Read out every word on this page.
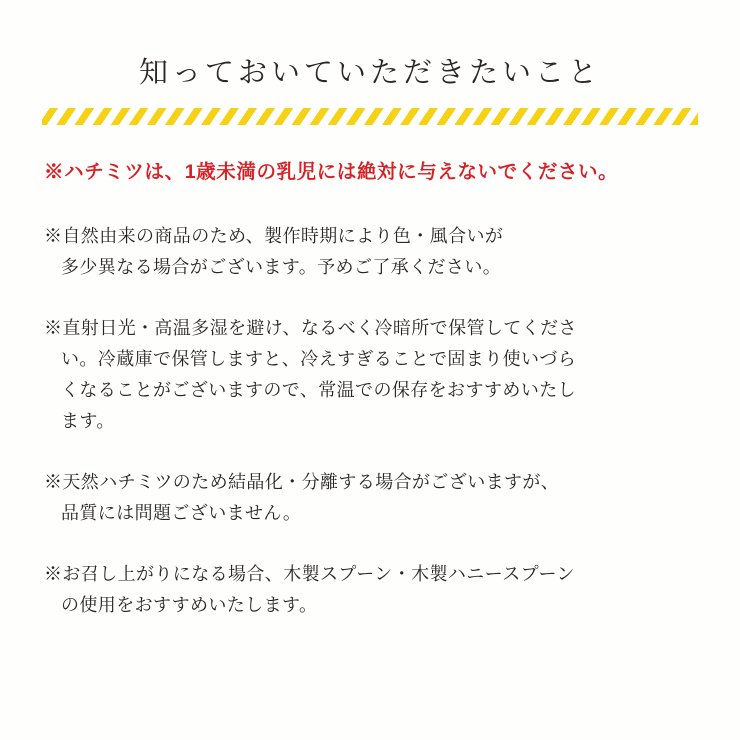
知っておいていただきたいこと

※ハチミツは、1歳未満の乳児には絶対に与えないでください。

※自然由来の商品のため、製作時期により色・風合いが
多少異なる場合がございます。予めご了承ください。

※直射日光・高温多湿を避け、なるべく冷暗所で保管してくださ
い。冷蔵庫で保管しますと、冷えすぎることで固まり使いづら
くなることがございますので、常温での保存をおすすめいたし
ます。

※天然ハチミツのため結晶化・分離する場合がございますが、
品質には問題ございません。

※お召し上がりになる場合、木製スプーン・木製ハニースプーン
の使用をおすすめいたします。
